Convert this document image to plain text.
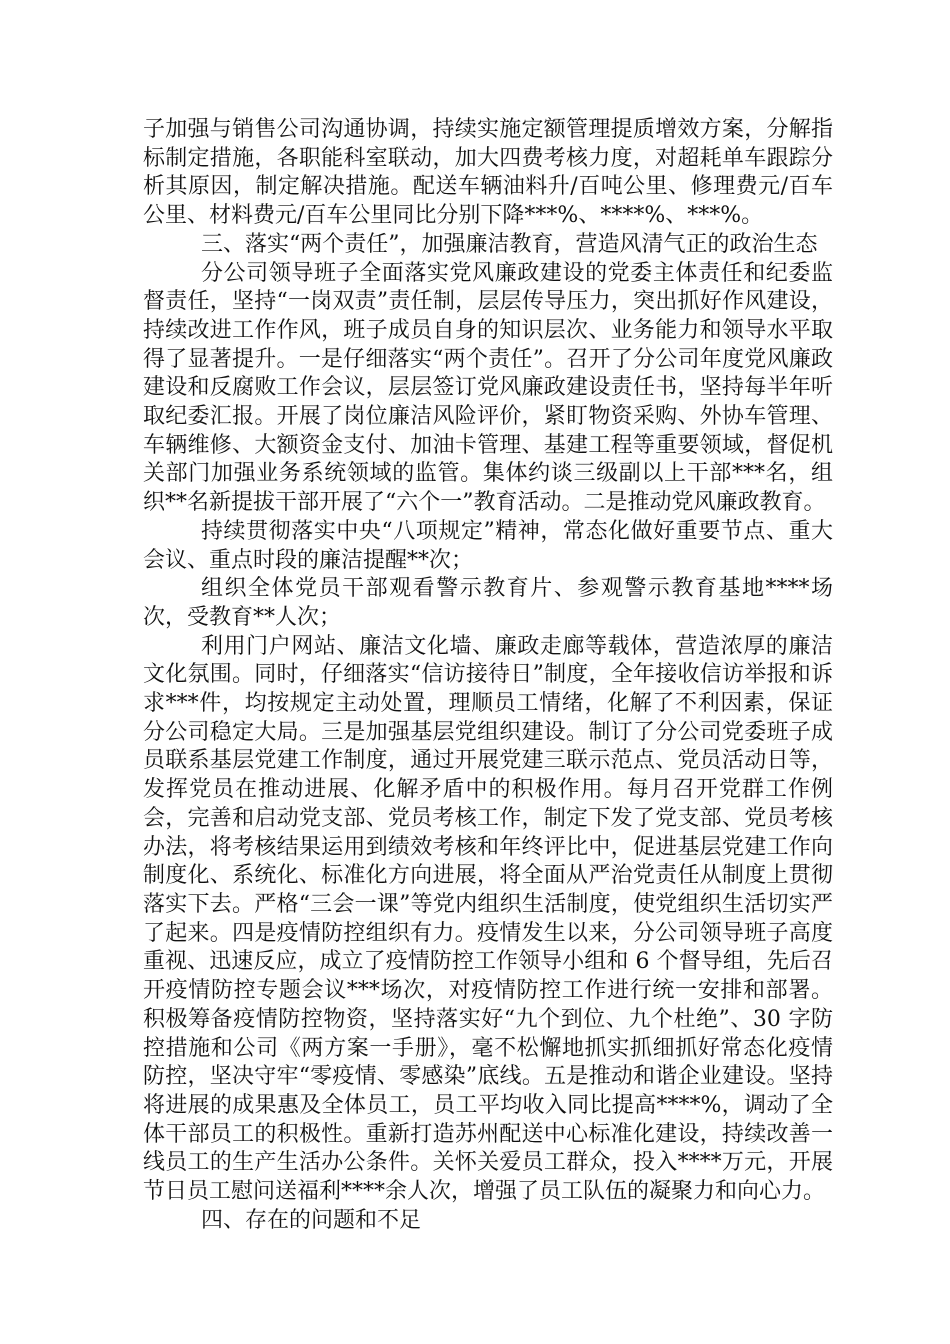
子加强与销售公司沟通协调，持续实施定额管理提质增效方案，分解指标制定措施，各职能科室联动，加大四费考核力度，对超耗单车跟踪分析其原因，制定解决措施。配送车辆油料升/百吨公里、修理费元/百车公里、材料费元/百车公里同比分别下降***%、****%、***%。

三、落实“两个责任”，加强廉洁教育，营造风清气正的政治生态

分公司领导班子全面落实党风廉政建设的党委主体责任和纪委监督责任，坚持“一岗双责”责任制，层层传导压力，突出抓好作风建设，持续改进工作作风，班子成员自身的知识层次、业务能力和领导水平取得了显著提升。一是仔细落实“两个责任”。召开了分公司年度党风廉政建设和反腐败工作会议，层层签订党风廉政建设责任书，坚持每半年听取纪委汇报。开展了岗位廉洁风险评价，紧盯物资采购、外协车管理、车辆维修、大额资金支付、加油卡管理、基建工程等重要领域，督促机关部门加强业务系统领域的监管。集体约谈三级副以上干部***名，组织**名新提拔干部开展了“六个一”教育活动。二是推动党风廉政教育。

持续贯彻落实中央“八项规定”精神，常态化做好重要节点、重大会议、重点时段的廉洁提醒**次；

组织全体党员干部观看警示教育片、参观警示教育基地****场次，受教育**人次；

利用门户网站、廉洁文化墙、廉政走廊等载体，营造浓厚的廉洁文化氛围。同时，仔细落实“信访接待日”制度，全年接收信访举报和诉求***件，均按规定主动处置，理顺员工情绪，化解了不利因素，保证分公司稳定大局。三是加强基层党组织建设。制订了分公司党委班子成员联系基层党建工作制度，通过开展党建三联示范点、党员活动日等，发挥党员在推动进展、化解矛盾中的积极作用。每月召开党群工作例会，完善和启动党支部、党员考核工作，制定下发了党支部、党员考核办法，将考核结果运用到绩效考核和年终评比中，促进基层党建工作向制度化、系统化、标准化方向进展，将全面从严治党责任从制度上贯彻落实下去。严格“三会一课”等党内组织生活制度，使党组织生活切实严了起来。四是疫情防控组织有力。疫情发生以来，分公司领导班子高度重视、迅速反应，成立了疫情防控工作领导小组和 6 个督导组，先后召开疫情防控专题会议***场次，对疫情防控工作进行统一安排和部署。积极筹备疫情防控物资，坚持落实好“九个到位、九个杜绝”、30 字防控措施和公司《两方案一手册》，毫不松懈地抓实抓细抓好常态化疫情防控，坚决守牢“零疫情、零感染”底线。五是推动和谐企业建设。坚持将进展的成果惠及全体员工，员工平均收入同比提高****%，调动了全体干部员工的积极性。重新打造苏州配送中心标准化建设，持续改善一线员工的生产生活办公条件。关怀关爱员工群众，投入****万元，开展节日员工慰问送福利****余人次，增强了员工队伍的凝聚力和向心力。

四、存在的问题和不足
